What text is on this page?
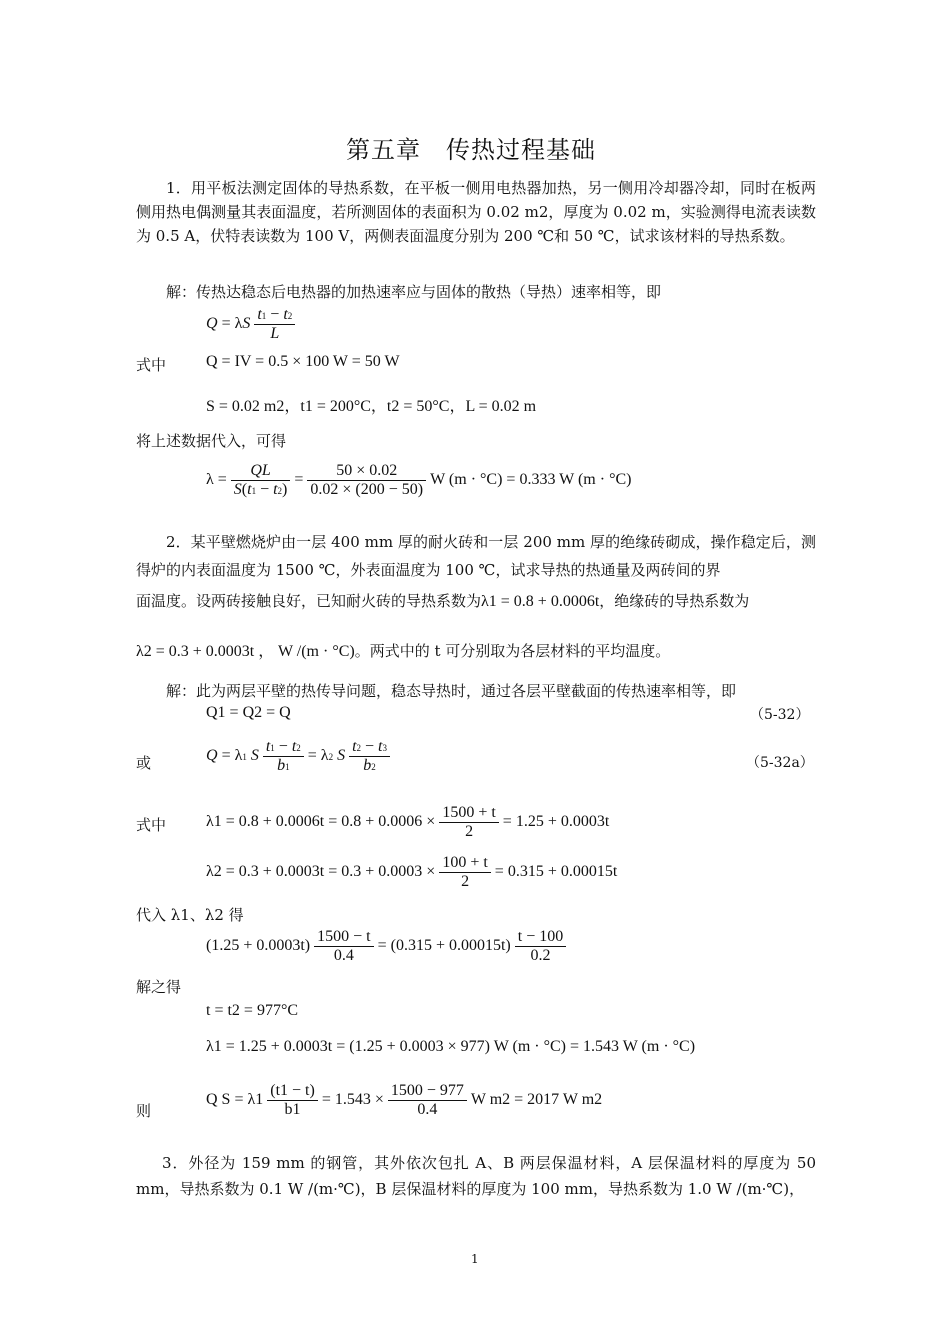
第五章　传热过程基础
1．用平板法测定固体的导热系数，在平板一侧用电热器加热，另一侧用冷却器冷却，同时在板两侧用热电偶测量其表面温度，若所测固体的表面积为 0.02 m2，厚度为 0.02 m，实验测得电流表读数为 0.5 A，伏特表读数为 100 V，两侧表面温度分别为 200 ℃和 50 ℃，试求该材料的导热系数。
解：传热达稳态后电热器的加热速率应与固体的散热（导热）速率相等，即
Q = λS $\frac{t1 - t2}{L}$
式中 Q = IV = 0.5 × 100 W = 50 W
S = 0.02 m2，t1 = 200°C，t2 = 50°C，L = 0.02 m
将上述数据代入，可得
$\lambda = \frac{QL}{S(t1 - t2)} = \frac{50 \times 0.02}{0.02 \times (200 - 50)}$ W (m · °C) = 0.333 W (m · °C)
2．某平壁燃烧炉由一层 400 mm 厚的耐火砖和一层 200 mm 厚的绝缘砖砌成，操作稳定后，测得炉的内表面温度为 1500 ℃，外表面温度为 100 ℃，试求导热的热通量及两砖间的界
面温度。设两砖接触良好，已知耐火砖的导热系数为λ1 = 0.8 + 0.0006t，绝缘砖的导热系数为
λ2 = 0.3 + 0.0003t ， W /(m · °C)。两式中的 t 可分别取为各层材料的平均温度。
解：此为两层平壁的热传导问题，稳态导热时，通过各层平壁截面的传热速率相等，即
Q1 = Q2 = Q	（5-32）
或	Q = λ1 S $\frac{t1 - t2}{b1} = \lambda 2$ S $\frac{t2 - t3}{b2}$	（5-32a）
式中 $\lambda 1 = 0.8 + 0.0006t = 0.8 + 0.0006 \times \frac{1500 + t}{2} = 1.25 + 0.0003t$
$\lambda 2 = 0.3 + 0.0003t = 0.3 + 0.0003 \times \frac{100 + t}{2} = 0.315 + 0.00015t$
代入 λ1、λ2 得
$(1.25 + 0.0003t) \frac{1500 - t}{0.4} = (0.315 + 0.00015t) \frac{t - 100}{0.2}$
解之得
t = t2 = 977°C
λ1 = 1.25 + 0.0003t = (1.25 + 0.0003 × 977) W (m · °C) = 1.543 W (m · °C)
则
Q $S = \lambda 1 \frac{(t1 - t)}{b1} = 1.543 \times \frac{1500 - 977}{0.4}$ W m2 = 2017 W m2
3．外径为 159 mm 的钢管，其外依次包扎 A、B 两层保温材料，A 层保温材料的厚度为 50 mm，导热系数为 0.1 W /(m·℃)，B 层保温材料的厚度为 100 mm，导热系数为 1.0 W /(m·℃)，
1
